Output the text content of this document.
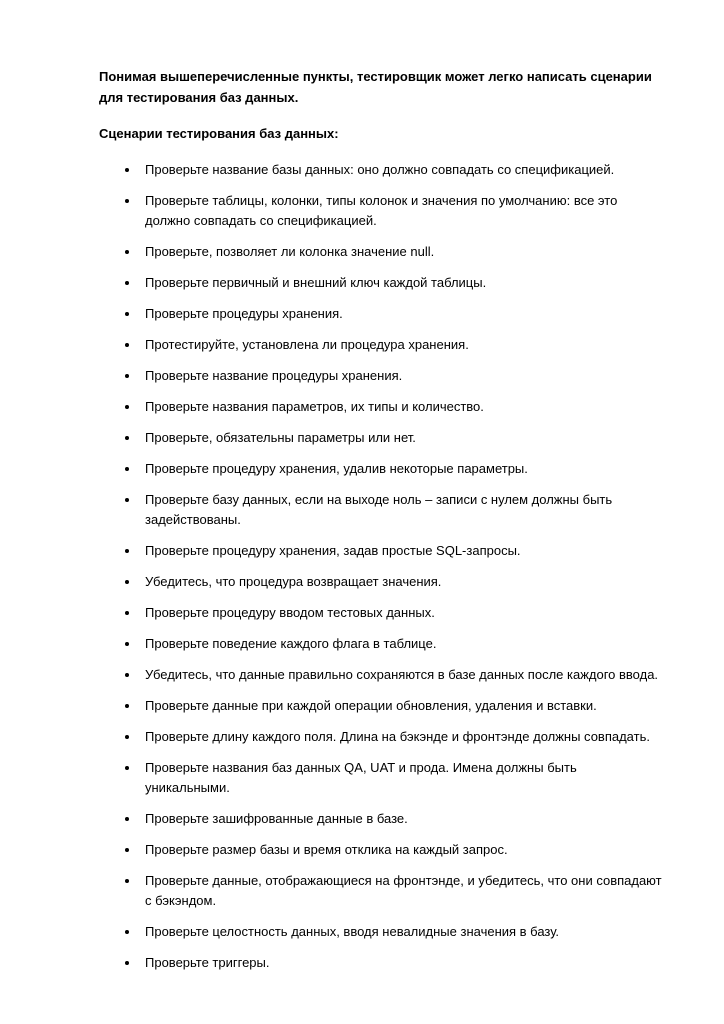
Понимая вышеперечисленные пункты, тестировщик может легко написать сценарии для тестирования баз данных.

Сценарии тестирования баз данных:

Проверьте название базы данных: оно должно совпадать со спецификацией.
Проверьте таблицы, колонки, типы колонок и значения по умолчанию: все это должно совпадать со спецификацией.
Проверьте, позволяет ли колонка значение null.
Проверьте первичный и внешний ключ каждой таблицы.
Проверьте процедуры хранения.
Протестируйте, установлена ли процедура хранения.
Проверьте название процедуры хранения.
Проверьте названия параметров, их типы и количество.
Проверьте, обязательны параметры или нет.
Проверьте процедуру хранения, удалив некоторые параметры.
Проверьте базу данных, если на выходе ноль – записи с нулем должны быть задействованы.
Проверьте процедуру хранения, задав простые SQL-запросы.
Убедитесь, что процедура возвращает значения.
Проверьте процедуру вводом тестовых данных.
Проверьте поведение каждого флага в таблице.
Убедитесь, что данные правильно сохраняются в базе данных после каждого ввода.
Проверьте данные при каждой операции обновления, удаления и вставки.
Проверьте длину каждого поля. Длина на бэкэнде и фронтэнде должны совпадать.
Проверьте названия баз данных QA, UAT и прода. Имена должны быть уникальными.
Проверьте зашифрованные данные в базе.
Проверьте размер базы и время отклика на каждый запрос.
Проверьте данные, отображающиеся на фронтэнде, и убедитесь, что они совпадают с бэкэндом.
Проверьте целостность данных, вводя невалидные значения в базу.
Проверьте триггеры.
